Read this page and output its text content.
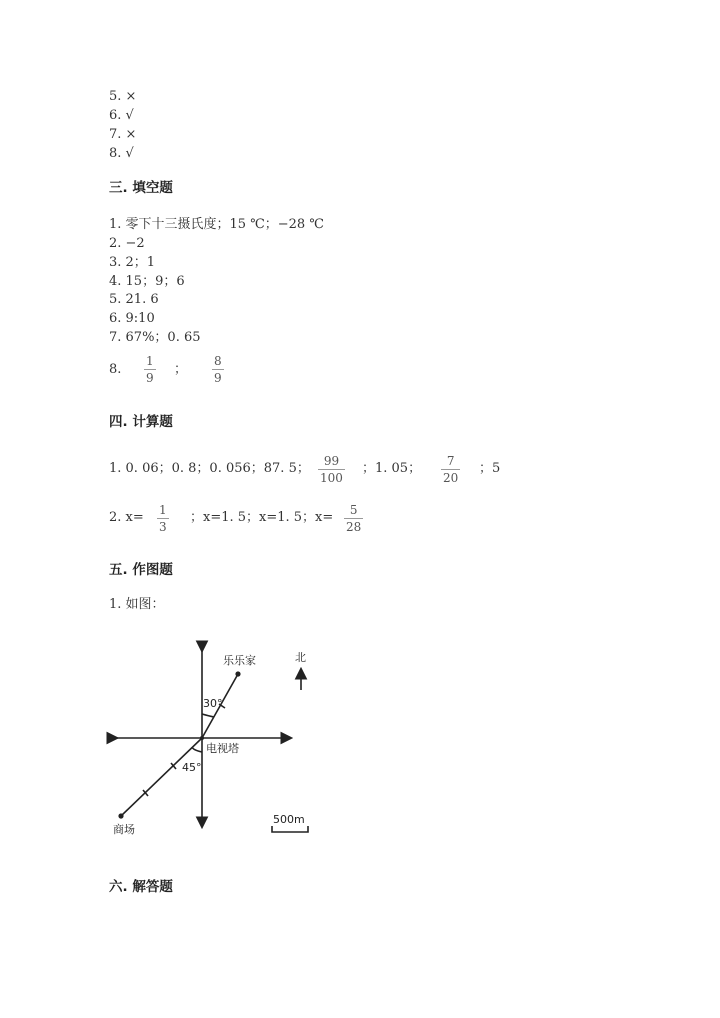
5. ×
6. √
7. ×
8. √
三. 填空题
1. 零下十三摄氏度；15 ℃；−28 ℃
2. −2
3. 2；1
4. 15；9；6
5. 21. 6
6. 9:10
7. 67%；0. 65
8.
1
9
；
8
9
四. 计算题
1. 0. 06；0. 8；0. 056；87. 5； 99
100
；1. 05； 7
20
；5
2. x= 1
3
；x=1. 5；x=1. 5；x= 5
28
五. 作图题
1. 如图：
乐乐家	北
30°
45°
电视塔
商场
500m
六. 解答题
